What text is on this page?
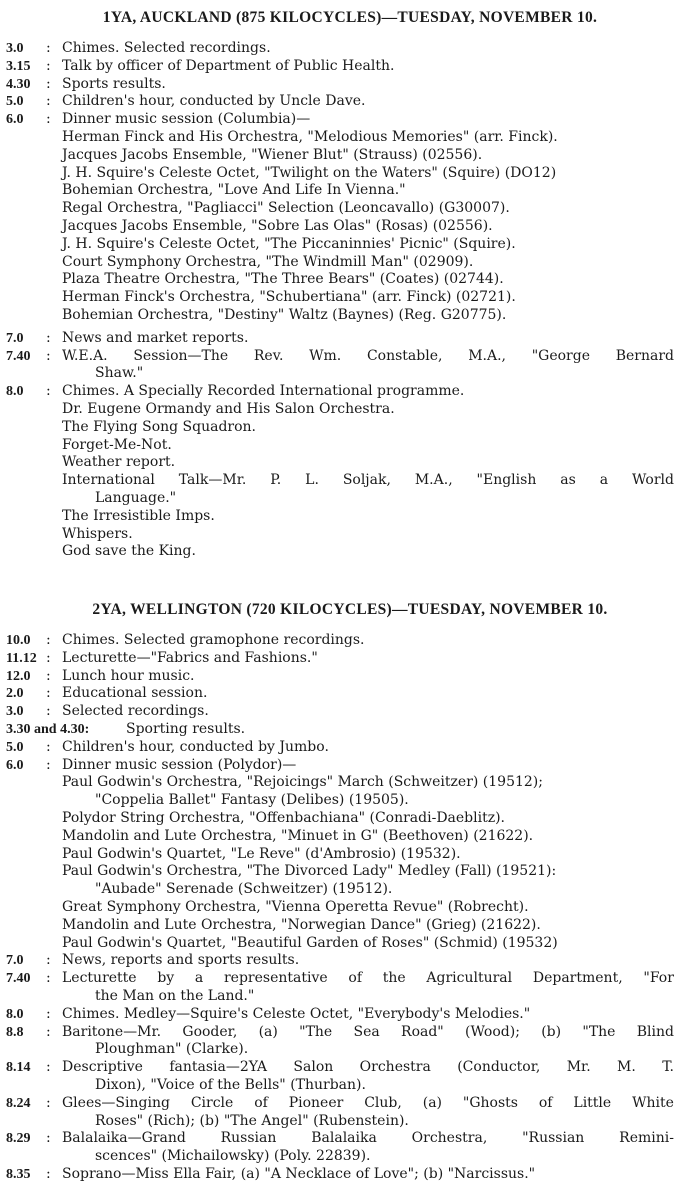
1YA, AUCKLAND (875 KILOCYCLES)—TUESDAY, NOVEMBER 10.
3.0	: Chimes. Selected recordings.
3.15	: Talk by officer of Department of Public Health.
4.30	: Sports results.
5.0	: Children's hour, conducted by Uncle Dave.
6.0	: Dinner music session (Columbia)—
Herman Finck and His Orchestra, "Melodious Memories" (arr. Finck).
Jacques Jacobs Ensemble, "Wiener Blut" (Strauss) (02556).
J. H. Squire's Celeste Octet, "Twilight on the Waters" (Squire) (DO12)
Bohemian Orchestra, "Love And Life In Vienna."
Regal Orchestra, "Pagliacci" Selection (Leoncavallo) (G30007).
Jacques Jacobs Ensemble, "Sobre Las Olas" (Rosas) (02556).
J. H. Squire's Celeste Octet, "The Piccaninnies' Picnic" (Squire).
Court Symphony Orchestra, "The Windmill Man" (02909).
Plaza Theatre Orchestra, "The Three Bears" (Coates) (02744).
Herman Finck's Orchestra, "Schubertiana" (arr. Finck) (02721).
Bohemian Orchestra, "Destiny" Waltz (Baynes) (Reg. G20775).
7.0	: News and market reports.
7.40	: W.E.A. Session—The Rev. Wm. Constable, M.A., "George Bernard
Shaw."
8.0	: Chimes. A Specially Recorded International programme.
Dr. Eugene Ormandy and His Salon Orchestra.
The Flying Song Squadron.
Forget-Me-Not.
Weather report.
International Talk—Mr. P. L. Soljak, M.A., "English as a World
Language."
The Irresistible Imps.
Whispers.
God save the King.
2YA, WELLINGTON (720 KILOCYCLES)—TUESDAY, NOVEMBER 10.
10.0	: Chimes. Selected gramophone recordings.
11.12 : Lecturette—"Fabrics and Fashions."
12.0	: Lunch hour music.
2.0	: Educational session.
3.0	: Selected recordings.
3.30 and 4.30:	Sporting results.
5.0	: Children's hour, conducted by Jumbo.
6.0	: Dinner music session (Polydor)—
Paul Godwin's Orchestra, "Rejoicings" March (Schweitzer) (19512);
"Coppelia Ballet" Fantasy (Delibes) (19505).
Polydor String Orchestra, "Offenbachiana" (Conradi-Daeblitz).
Mandolin and Lute Orchestra, "Minuet in G" (Beethoven) (21622).
Paul Godwin's Quartet, "Le Reve" (d'Ambrosio) (19532).
Paul Godwin's Orchestra, "The Divorced Lady" Medley (Fall) (19521):
"Aubade" Serenade (Schweitzer) (19512).
Great Symphony Orchestra, "Vienna Operetta Revue" (Robrecht).
Mandolin and Lute Orchestra, "Norwegian Dance" (Grieg) (21622).
Paul Godwin's Quartet, "Beautiful Garden of Roses" (Schmid) (19532)
7.0	: News, reports and sports results.
7.40	: Lecturette by a representative of the Agricultural Department, "For
the Man on the Land."
8.0	: Chimes. Medley—Squire's Celeste Octet, "Everybody's Melodies."
8.8	: Baritone—Mr. Gooder, (a) "The Sea Road" (Wood); (b) "The Blind
Ploughman" (Clarke).
8.14	: Descriptive fantasia—2YA Salon Orchestra (Conductor, Mr. M. T.
Dixon), "Voice of the Bells" (Thurban).
8.24	: Glees—Singing Circle of Pioneer Club, (a) "Ghosts of Little White
Roses" (Rich); (b) "The Angel" (Rubenstein).
8.29	: Balalaika—Grand Russian Balalaika Orchestra, "Russian Remini-
scences" (Michailowsky) (Poly. 22839).
8.35	: Soprano—Miss Ella Fair, (a) "A Necklace of Love"; (b) "Narcissus."
